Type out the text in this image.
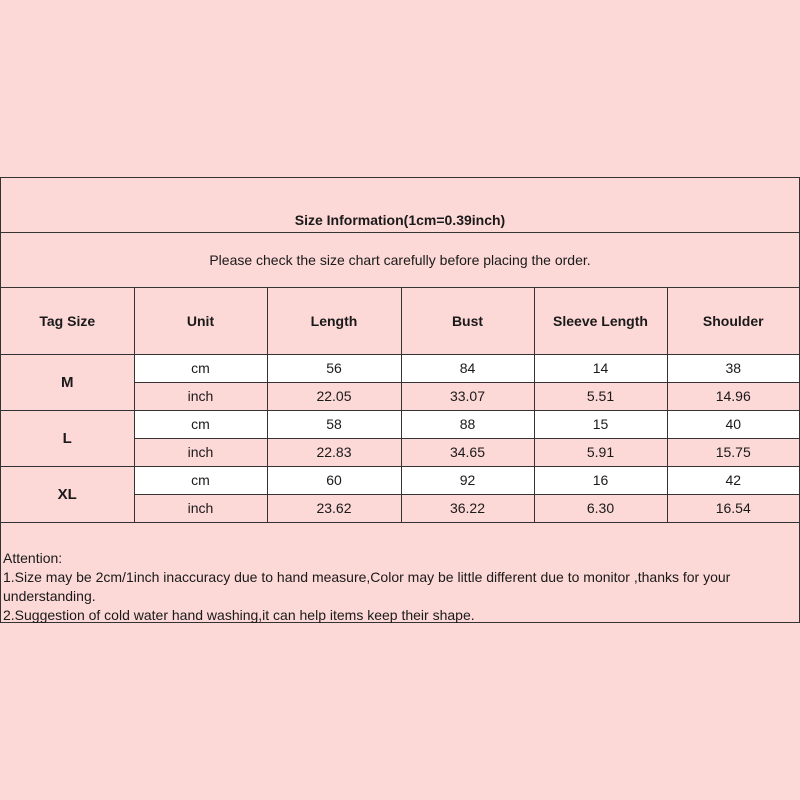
Size Information(1cm=0.39inch)
Please check the size chart carefully before placing the order.
Tag Size	Unit	Length	Bust	Sleeve Length	Shoulder
M	cm	56	84	14	38
	inch	22.05	33.07	5.51	14.96
L	cm	58	88	15	40
	inch	22.83	34.65	5.91	15.75
XL	cm	60	92	16	42
	inch	23.62	36.22	6.30	16.54
Attention:
1.Size may be 2cm/1inch inaccuracy due to hand measure,Color may be little different due to monitor ,thanks for your understanding.
2.Suggestion of cold water hand washing,it can help items keep their shape.
